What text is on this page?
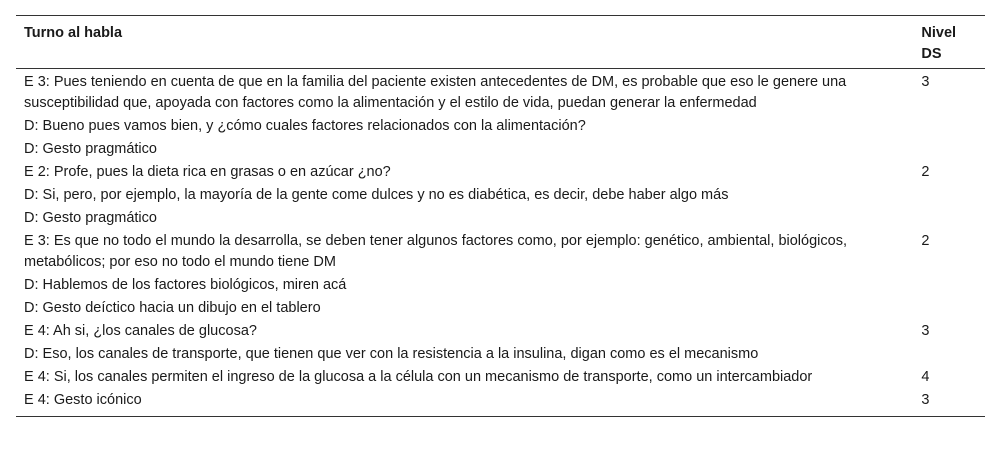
Turno al habla	Nivel
DS

E 3: Pues teniendo en cuenta de que en la familia del paciente existen antecedentes de DM, es probable que eso le genere una susceptibilidad que, apoyada con factores como la alimentación y el estilo de vida, puedan generar la enfermedad	3
D: Bueno pues vamos bien, y ¿cómo cuales factores relacionados con la alimentación?	
D: Gesto pragmático	
E 2: Profe, pues la dieta rica en grasas o en azúcar ¿no?	2
D: Si, pero, por ejemplo, la mayoría de la gente come dulces y no es diabética, es decir, debe haber algo más	
D: Gesto pragmático	
E 3: Es que no todo el mundo la desarrolla, se deben tener algunos factores como, por ejemplo: genético, ambiental, biológicos, metabólicos; por eso no todo el mundo tiene DM	2
D: Hablemos de los factores biológicos, miren acá	
D: Gesto deíctico hacia un dibujo en el tablero	
E 4: Ah si, ¿los canales de glucosa?	3
D: Eso, los canales de transporte, que tienen que ver con la resistencia a la insulina, digan como es el mecanismo	
E 4: Si, los canales permiten el ingreso de la glucosa a la célula con un mecanismo de transporte, como un intercambiador	4
E 4: Gesto icónico	3
